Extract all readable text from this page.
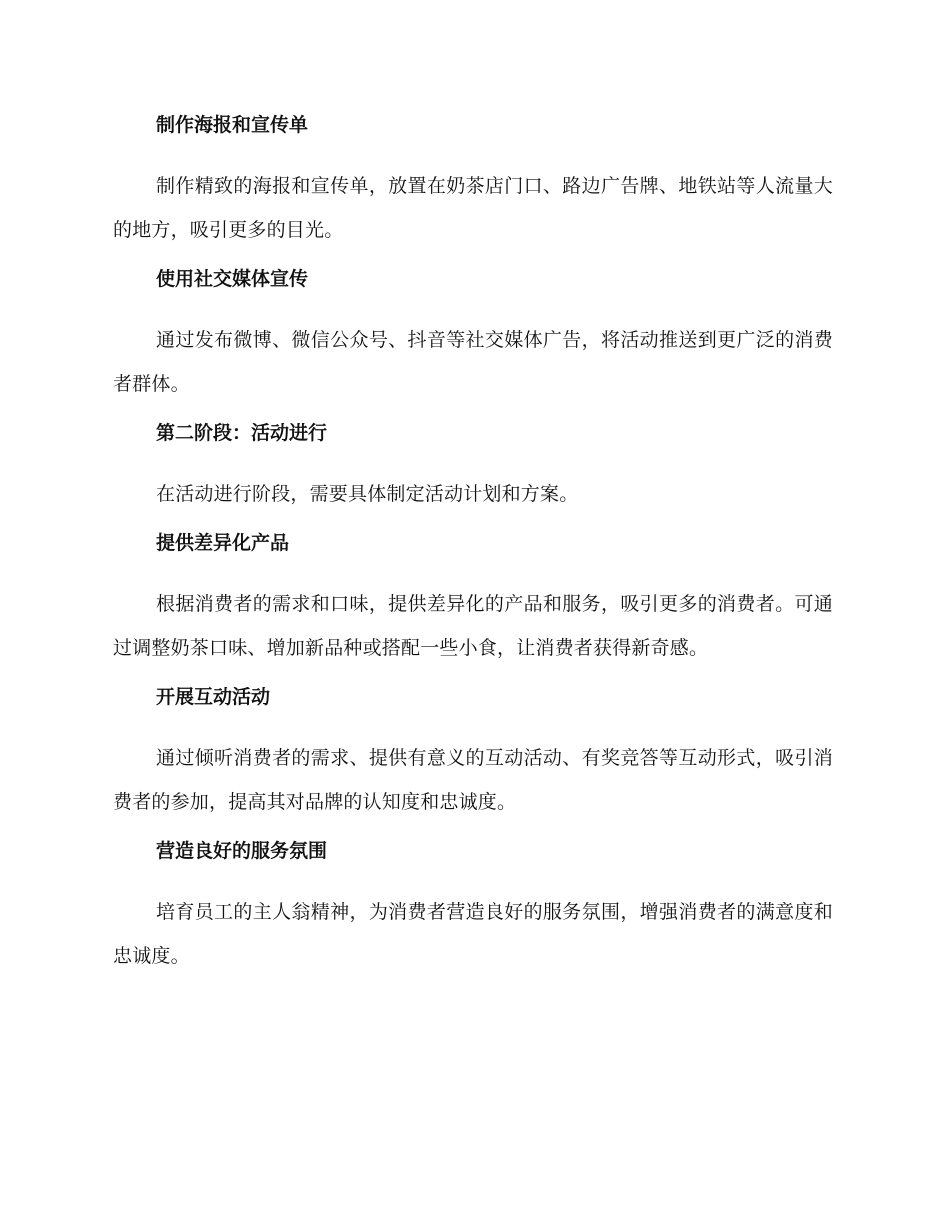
制作海报和宣传单
制作精致的海报和宣传单，放置在奶茶店门口、路边广告牌、地铁站等人流量大的地方，吸引更多的目光。
使用社交媒体宣传
通过发布微博、微信公众号、抖音等社交媒体广告，将活动推送到更广泛的消费者群体。
第二阶段：活动进行
在活动进行阶段，需要具体制定活动计划和方案。
提供差异化产品
根据消费者的需求和口味，提供差异化的产品和服务，吸引更多的消费者。可通过调整奶茶口味、增加新品种或搭配一些小食，让消费者获得新奇感。
开展互动活动
通过倾听消费者的需求、提供有意义的互动活动、有奖竞答等互动形式，吸引消费者的参加，提高其对品牌的认知度和忠诚度。
营造良好的服务氛围
培育员工的主人翁精神，为消费者营造良好的服务氛围，增强消费者的满意度和忠诚度。
